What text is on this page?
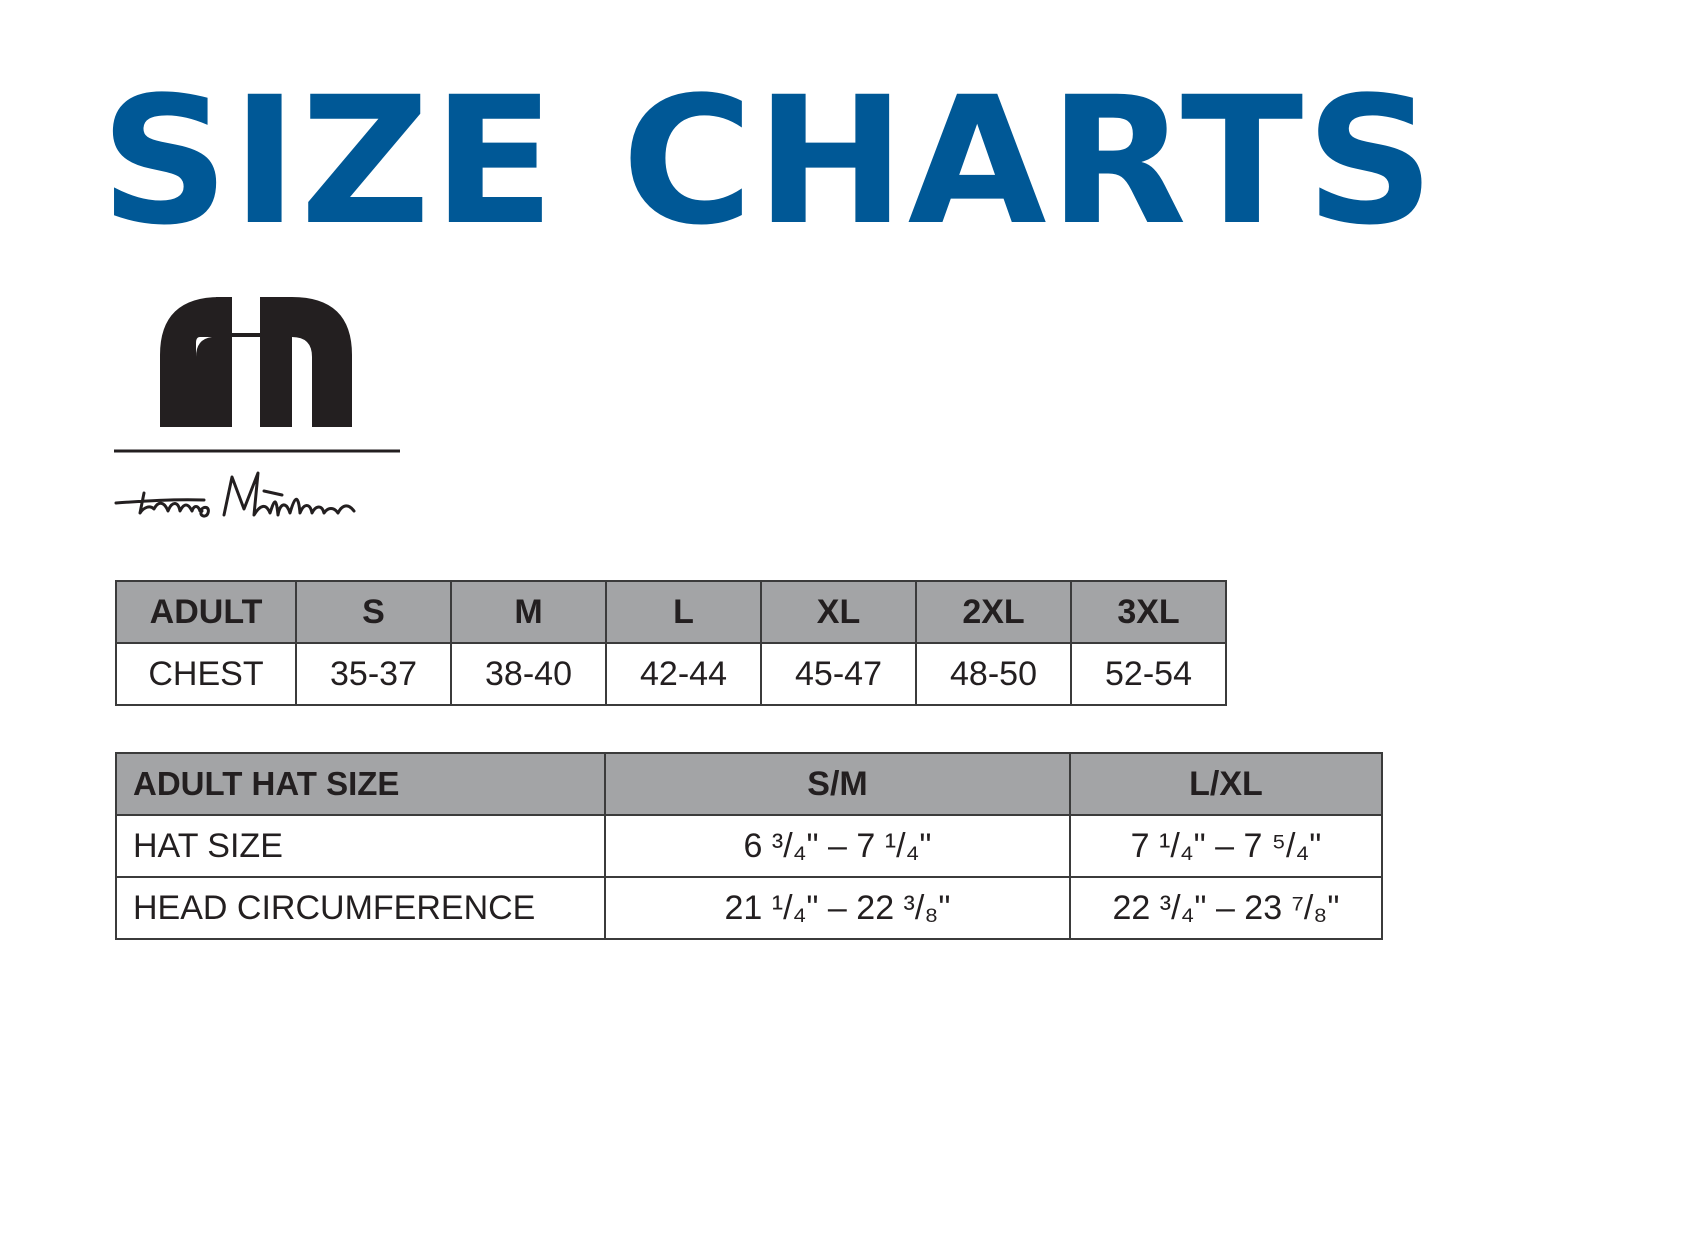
SIZE CHARTS
ADULT	S	M	L	XL	2XL	3XL
CHEST	35-37	38-40	42-44	45-47	48-50	52-54
ADULT HAT SIZE	S/M	L/XL
HAT SIZE	6 ³/₄" – 7 ¹/₄"	7 ¹/₄" – 7 ⁵/₄"
HEAD CIRCUMFERENCE	21 ¹/₄" – 22 ³/₈"	22 ³/₄" – 23 ⁷/₈"
